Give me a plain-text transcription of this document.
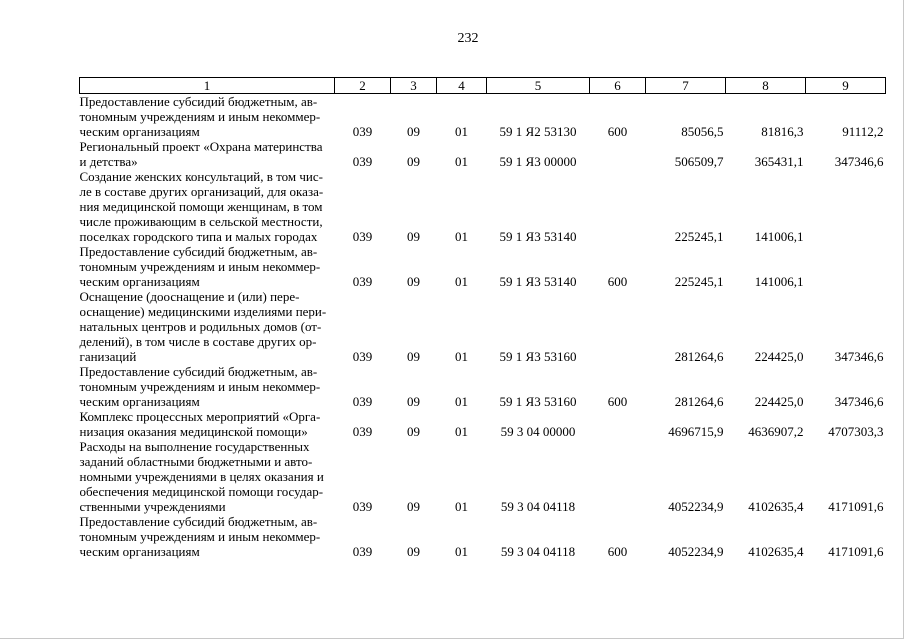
232
1	2	3	4	5	6	7	8	9
Предоставление субсидий бюджетным, ав-
тономным учреждениям и иным некоммер-
ческим организациям	039	09	01	59 1 Я2 53130	600	85056,5	81816,3	91112,2
Региональный проект «Охрана материнства
и детства»	039	09	01	59 1 Я3 00000		506509,7	365431,1	347346,6
Создание женских консультаций, в том чис-
ле в составе других организаций, для оказа-
ния медицинской помощи женщинам, в том
числе проживающим в сельской местности,
поселках городского типа и малых городах	039	09	01	59 1 Я3 53140		225245,1	141006,1	
Предоставление субсидий бюджетным, ав-
тономным учреждениям и иным некоммер-
ческим организациям	039	09	01	59 1 Я3 53140	600	225245,1	141006,1	
Оснащение (дооснащение и (или) пере-
оснащение) медицинскими изделиями пери-
натальных центров и родильных домов (от-
делений), в том числе в составе других ор-
ганизаций	039	09	01	59 1 Я3 53160		281264,6	224425,0	347346,6
Предоставление субсидий бюджетным, ав-
тономным учреждениям и иным некоммер-
ческим организациям	039	09	01	59 1 Я3 53160	600	281264,6	224425,0	347346,6
Комплекс процессных мероприятий «Орга-
низация оказания медицинской помощи»	039	09	01	59 3 04 00000		4696715,9	4636907,2	4707303,3
Расходы на выполнение государственных
заданий областными бюджетными и авто-
номными учреждениями в целях оказания и
обеспечения медицинской помощи государ-
ственными учреждениями	039	09	01	59 3 04 04118		4052234,9	4102635,4	4171091,6
Предоставление субсидий бюджетным, ав-
тономным учреждениям и иным некоммер-
ческим организациям	039	09	01	59 3 04 04118	600	4052234,9	4102635,4	4171091,6
